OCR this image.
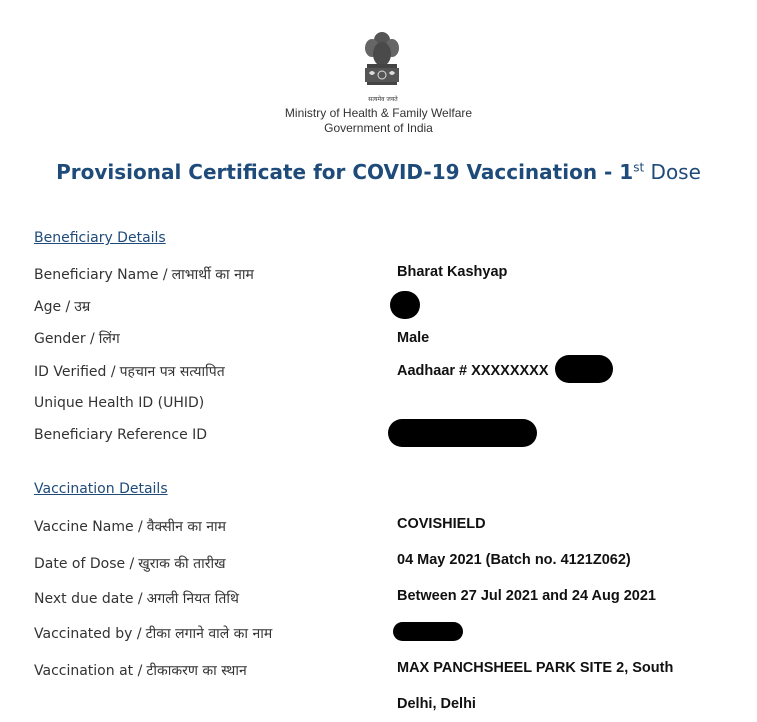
सत्यमेव जयते
Ministry of Health & Family Welfare
Government of India
Provisional Certificate for COVID-19 Vaccination - 1st Dose
Beneficiary Details
Beneficiary Name / लाभार्थी का नाम	Bharat Kashyap
Age / उम्र
Gender / लिंग	Male
ID Verified / पहचान पत्र सत्यापित	Aadhaar # XXXXXXXX
Unique Health ID (UHID)
Beneficiary Reference ID
Vaccination Details
Vaccine Name / वैक्सीन का नाम	COVISHIELD
Date of Dose / खुराक की तारीख	04 May 2021 (Batch no. 4121Z062)
Next due date / अगली नियत तिथि	Between 27 Jul 2021 and 24 Aug 2021
Vaccinated by / टीका लगाने वाले का नाम
Vaccination at / टीकाकरण का स्थान	MAX PANCHSHEEL PARK SITE 2, South
Delhi, Delhi
